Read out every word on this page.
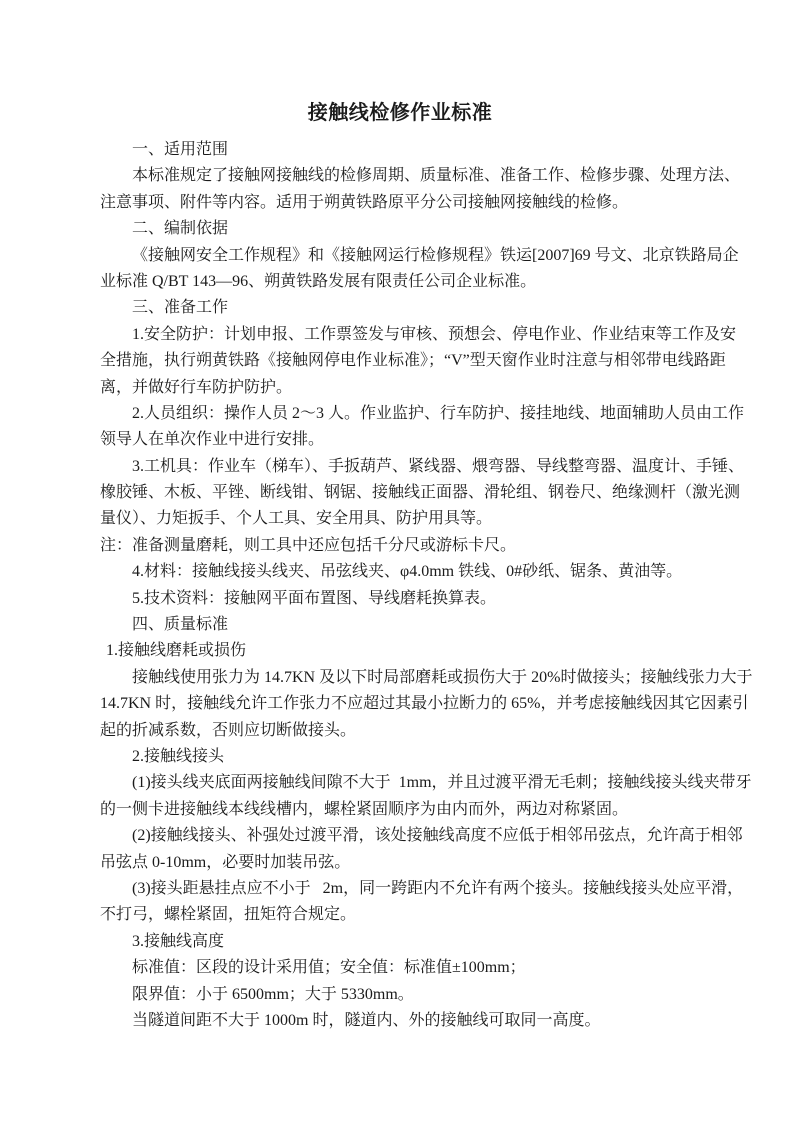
接触线检修作业标准
一、适用范围
本标准规定了接触网接触线的检修周期、质量标准、准备工作、检修步骤、处理方法、
注意事项、附件等内容。适用于朔黄铁路原平分公司接触网接触线的检修。
二、编制依据
《接触网安全工作规程》和《接触网运行检修规程》铁运[2007]69 号文、北京铁路局企
业标准 Q/BT 143—96、朔黄铁路发展有限责任公司企业标准。
三、准备工作
1.安全防护：计划申报、工作票签发与审核、预想会、停电作业、作业结束等工作及安
全措施，执行朔黄铁路《接触网停电作业标准》；“V”型天窗作业时注意与相邻带电线路距
离，并做好行车防护防护。
2.人员组织：操作人员 2～3 人。作业监护、行车防护、接挂地线、地面辅助人员由工作
领导人在单次作业中进行安排。
3.工机具：作业车（梯车）、手扳葫芦、紧线器、煨弯器、导线整弯器、温度计、手锤、
橡胶锤、木板、平锉、断线钳、钢锯、接触线正面器、滑轮组、钢卷尺、绝缘测杆（激光测
量仪）、力矩扳手、个人工具、安全用具、防护用具等。
注：准备测量磨耗，则工具中还应包括千分尺或游标卡尺。
4.材料：接触线接头线夹、吊弦线夹、φ4.0mm 铁线、0#砂纸、锯条、黄油等。
5.技术资料：接触网平面布置图、导线磨耗换算表。
四、质量标准
1.接触线磨耗或损伤
接触线使用张力为 14.7KN 及以下时局部磨耗或损伤大于 20%时做接头；接触线张力大于
14.7KN 时，接触线允许工作张力不应超过其最小拉断力的 65%，并考虑接触线因其它因素引
起的折减系数，否则应切断做接头。
2.接触线接头
(1)接头线夹底面两接触线间隙不大于  1mm，并且过渡平滑无毛刺；接触线接头线夹带牙
的一侧卡进接触线本线线槽内，螺栓紧固顺序为由内而外，两边对称紧固。
(2)接触线接头、补强处过渡平滑，该处接触线高度不应低于相邻吊弦点，允许高于相邻
吊弦点 0-10mm，必要时加装吊弦。
(3)接头距悬挂点应不小于   2m，同一跨距内不允许有两个接头。接触线接头处应平滑，
不打弓，螺栓紧固，扭矩符合规定。
3.接触线高度
标准值：区段的设计采用值；安全值：标准值±100mm；
限界值：小于 6500mm；大于 5330mm。
当隧道间距不大于 1000m 时，隧道内、外的接触线可取同一高度。
